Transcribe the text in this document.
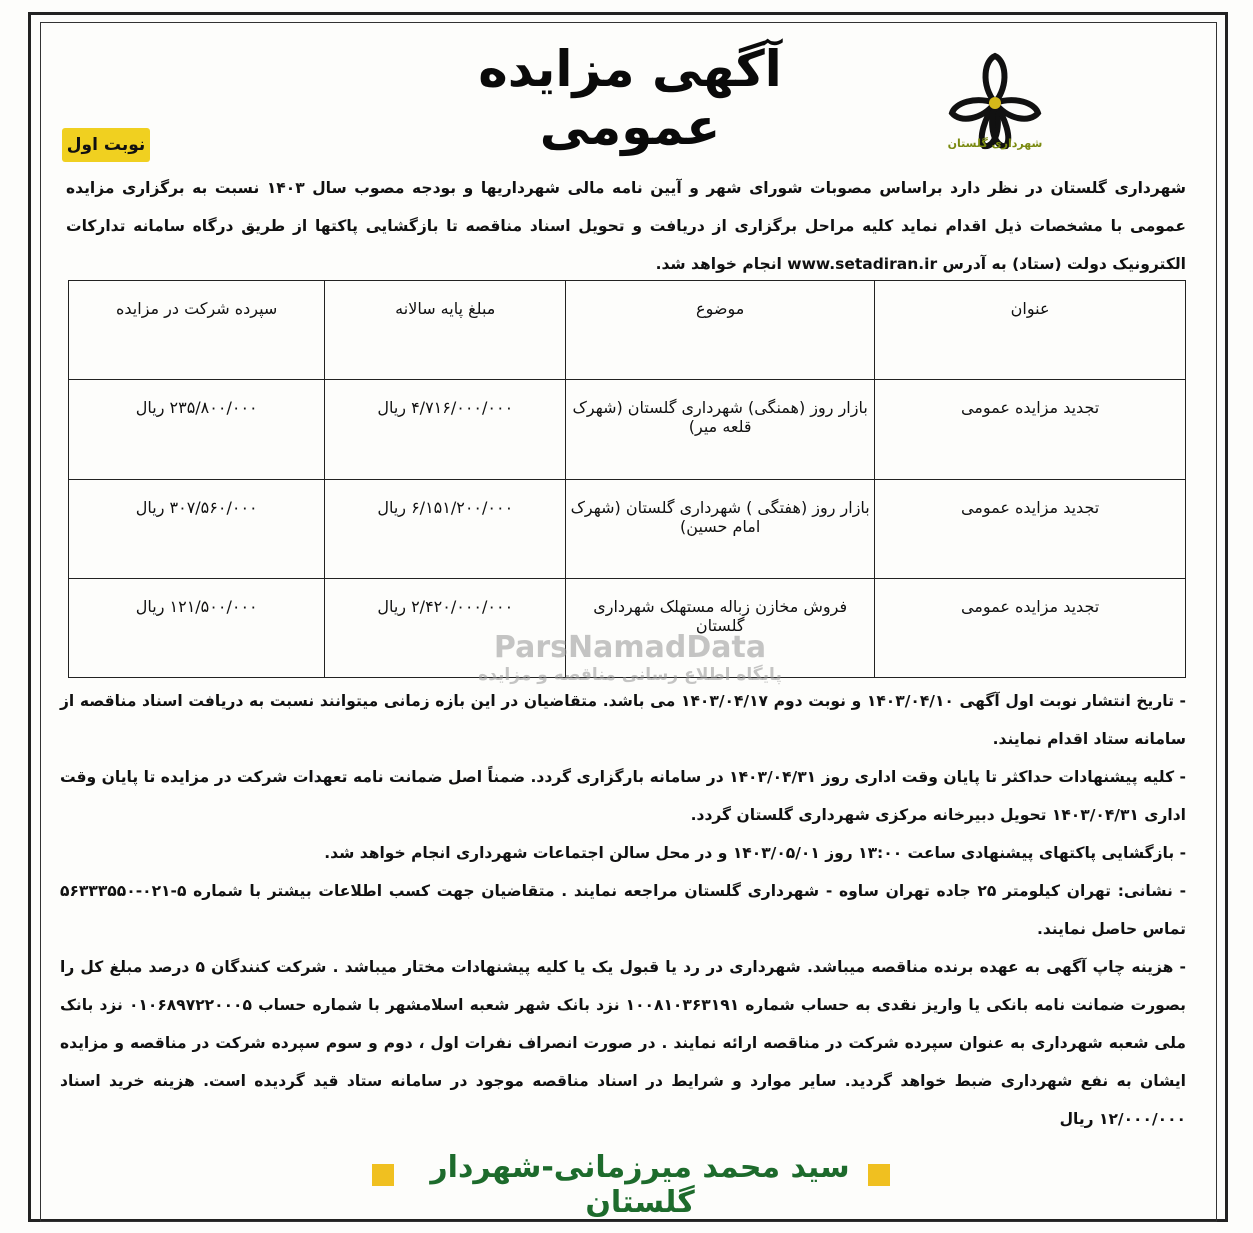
آگهی مزایده عمومی	شهرداری گلستان
نوبت اول
شهرداری گلستان در نظر دارد براساس مصوبات شورای شهر و آیین نامه مالی شهرداریها و بودجه مصوب سال ۱۴۰۳ نسبت به برگزاری مزایده عمومی با مشخصات ذیل اقدام نماید کلیه مراحل برگزاری از دریافت و تحویل اسناد مناقصه تا بازگشایی پاکتها از طریق درگاه سامانه تدارکات الکترونیک دولت (ستاد) به آدرس www.setadiran.ir انجام خواهد شد.
عنوان	موضوع	مبلغ پایه سالانه	سپرده شرکت در مزایده
تجدید مزایده عمومی	بازار روز (همنگی) شهرداری گلستان (شهرک قلعه میر)	۴/۷۱۶/۰۰۰/۰۰۰ ریال	۲۳۵/۸۰۰/۰۰۰ ریال
تجدید مزایده عمومی	بازار روز (هفتگی ) شهرداری گلستان (شهرک امام حسین)	۶/۱۵۱/۲۰۰/۰۰۰ ریال	۳۰۷/۵۶۰/۰۰۰ ریال
تجدید مزایده عمومی	فروش مخازن زباله مستهلک شهرداری گلستان	۲/۴۲۰/۰۰۰/۰۰۰ ریال	۱۲۱/۵۰۰/۰۰۰ ریال
ParsNamadData
پایگاه اطلاع رسانی مناقصه و مزایده

- تاریخ انتشار نوبت اول آگهی ۱۴۰۳/۰۴/۱۰ و نوبت دوم ۱۴۰۳/۰۴/۱۷ می باشد. متقاضیان در این بازه زمانی میتوانند نسبت به دریافت اسناد مناقصه از سامانه ستاد اقدام نمایند.

- کلیه پیشنهادات حداکثر تا پایان وقت اداری روز ۱۴۰۳/۰۴/۳۱ در سامانه بارگزاری گردد. ضمناً اصل ضمانت نامه تعهدات شرکت در مزایده تا پایان وقت اداری ۱۴۰۳/۰۴/۳۱ تحویل دبیرخانه مرکزی شهرداری گلستان گردد.

- بازگشایی پاکتهای پیشنهادی ساعت ۱۳:۰۰ روز ۱۴۰۳/۰۵/۰۱ و در محل سالن اجتماعات شهرداری انجام خواهد شد.

- نشانی: تهران کیلومتر ۲۵ جاده تهران ساوه - شهرداری گلستان مراجعه نمایند . متقاضیان جهت کسب اطلاعات بیشتر با شماره ۵-۰۲۱-۵۶۳۳۳۵۵۰ تماس حاصل نمایند.

- هزینه چاپ آگهی به عهده برنده مناقصه میباشد. شهرداری در رد یا قبول یک یا کلیه پیشنهادات مختار میباشد . شرکت کنندگان ۵ درصد مبلغ کل را بصورت ضمانت نامه بانکی یا واریز نقدی به حساب شماره ۱۰۰۸۱۰۳۶۳۱۹۱ نزد بانک شهر شعبه اسلامشهر با شماره حساب ۰۱۰۶۸۹۷۲۲۰۰۰۵ نزد بانک ملی شعبه شهرداری به عنوان سپرده شرکت در مناقصه ارائه نمایند . در صورت انصراف نفرات اول ، دوم و سوم سپرده شرکت در مناقصه و مزایده ایشان به نفع شهرداری ضبط خواهد گردید. سایر موارد و شرایط در اسناد مناقصه موجود در سامانه ستاد قید گردیده است. هزینه خرید اسناد ۱۲/۰۰۰/۰۰۰ ریال

سید محمد میرزمانی-شهردار گلستان
